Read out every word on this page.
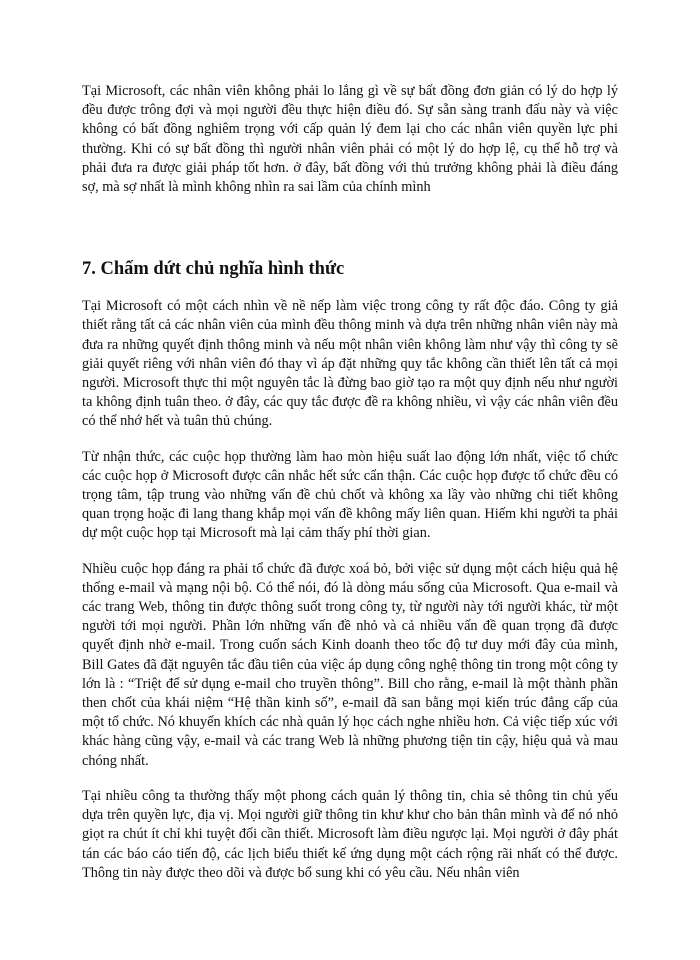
Tại Microsoft, các nhân viên không phải lo lắng gì về sự bất đồng đơn giản có lý do hợp lý đều được trông đợi và mọi người đều thực hiện điều đó. Sự sẵn sàng tranh đấu này và việc không có bất đồng nghiêm trọng với cấp quản lý đem lại cho các nhân viên quyền lực phi thường. Khi có sự bất đồng thì người nhân viên phải có một lý do hợp lệ, cụ thể hỗ trợ và phải đưa ra được giải pháp tốt hơn. ở đây, bất đồng với thủ trưởng không phải là điều đáng sợ, mà sợ nhất là mình không nhìn ra sai lầm của chính mình

7. Chấm dứt chủ nghĩa hình thức

Tại Microsoft có một cách nhìn về nề nếp làm việc trong công ty rất độc đáo. Công ty giả thiết rằng tất cả các nhân viên của mình đều thông minh và dựa trên những nhân viên này mà đưa ra những quyết định thông minh và nếu một nhân viên không làm như vậy thì công ty sẽ giải quyết riêng với nhân viên đó thay vì áp đặt những quy tắc không cần thiết lên tất cả mọi người. Microsoft thực thi một nguyên tắc là đừng bao giờ tạo ra một quy định nếu như người ta không định tuân theo. ở đây, các quy tắc được đề ra không nhiều, vì vậy các nhân viên đều có thể nhớ hết và tuân thủ chúng.

Từ nhận thức, các cuộc họp thường làm hao mòn hiệu suất lao động lớn nhất, việc tổ chức các cuộc họp ở Microsoft được cân nhắc hết sức cẩn thận. Các cuộc họp được tổ chức đều có trọng tâm, tập trung vào những vấn đề chủ chốt và không xa lầy vào những chi tiết không quan trọng hoặc đi lang thang khắp mọi vấn đề không mấy liên quan. Hiếm khi người ta phải dự một cuộc họp tại Microsoft mà lại cảm thấy phí thời gian.

Nhiều cuộc họp đáng ra phải tổ chức đã được xoá bỏ, bởi việc sử dụng một cách hiệu quả hệ thống e-mail và mạng nội bộ. Có thể nói, đó là dòng máu sống của Microsoft. Qua e-mail và các trang Web, thông tin được thông suốt trong công ty, từ người này tới người khác, từ một người tới mọi người. Phần lớn những vấn đề nhỏ và cả nhiều vấn đề quan trọng đã được quyết định nhờ e-mail. Trong cuốn sách Kinh doanh theo tốc độ tư duy mới đây của mình, Bill Gates đã đặt nguyên tắc đầu tiên của việc áp dụng công nghệ thông tin trong một công ty lớn là : “Triệt để sử dụng e-mail cho truyền thông”. Bill cho rằng, e-mail là một thành phần then chốt của khái niệm “Hệ thần kinh số”, e-mail đã san bằng mọi kiến trúc đẳng cấp của một tổ chức. Nó khuyến khích các nhà quản lý học cách nghe nhiều hơn. Cả việc tiếp xúc với khác hàng cũng vậy, e-mail và các trang Web là những phương tiện tin cậy, hiệu quả và mau chóng nhất.

Tại nhiều công ta thường thấy một phong cách quản lý thông tin, chia sẻ thông tin chủ yếu dựa trên quyền lực, địa vị. Mọi người giữ thông tin khư khư cho bản thân mình và để nó nhỏ giọt ra chút ít chỉ khi tuyệt đối cần thiết. Microsoft làm điều ngược lại. Mọi người ở đây phát tán các báo cáo tiến độ, các lịch biểu thiết kế ứng dụng một cách rộng rãi nhất có thể được. Thông tin này được theo dõi và được bổ sung khi có yêu cầu. Nếu nhân viên
